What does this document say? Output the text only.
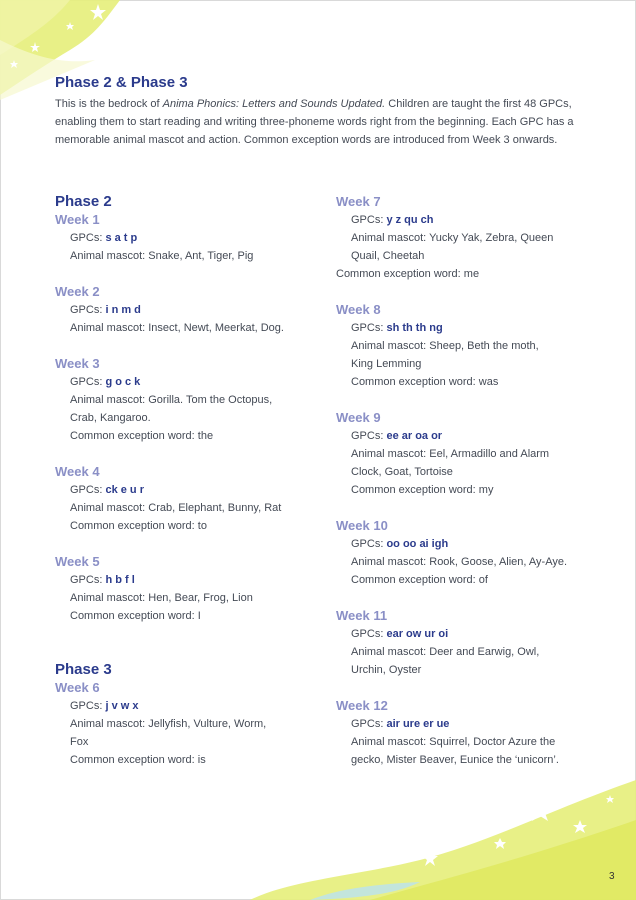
Phase 2 & Phase 3

This is the bedrock of Anima Phonics: Letters and Sounds Updated. Children are taught the first 48 GPCs, enabling them to start reading and writing three-phoneme words right from the beginning. Each GPC has a memorable animal mascot and action. Common exception words are introduced from Week 3 onwards.

Phase 2
Week 1

GPCs: s a t p

Animal mascot: Snake, Ant, Tiger, Pig

Week 2

GPCs: i n m d

Animal mascot: Insect, Newt, Meerkat, Dog.

Week 3

GPCs: g o c k

Animal mascot: Gorilla. Tom the Octopus,

Crab, Kangaroo.

Common exception word: the

Week 4

GPCs: ck e u r

Animal mascot: Crab, Elephant, Bunny, Rat

Common exception word: to

Week 5

GPCs: h b f l

Animal mascot: Hen, Bear, Frog, Lion

Common exception word: I

Phase 3
Week 6

GPCs: j v w x

Animal mascot: Jellyfish, Vulture, Worm,

Fox

Common exception word: is

Week 7

GPCs: y z qu ch

Animal mascot: Yucky Yak, Zebra, Queen

Quail, Cheetah

Common exception word: me

Week 8

GPCs: sh th th ng

Animal mascot: Sheep, Beth the moth,

King Lemming

Common exception word: was

Week 9

GPCs: ee ar oa or

Animal mascot: Eel, Armadillo and Alarm

Clock, Goat, Tortoise

Common exception word: my

Week 10

GPCs: oo oo ai igh

Animal mascot: Rook, Goose, Alien, Ay-Aye.

Common exception word: of

Week 11

GPCs: ear ow ur oi

Animal mascot: Deer and Earwig, Owl,

Urchin, Oyster

Week 12

GPCs: air ure er ue

Animal mascot: Squirrel, Doctor Azure the

gecko, Mister Beaver, Eunice the ‘unicorn’.

3
